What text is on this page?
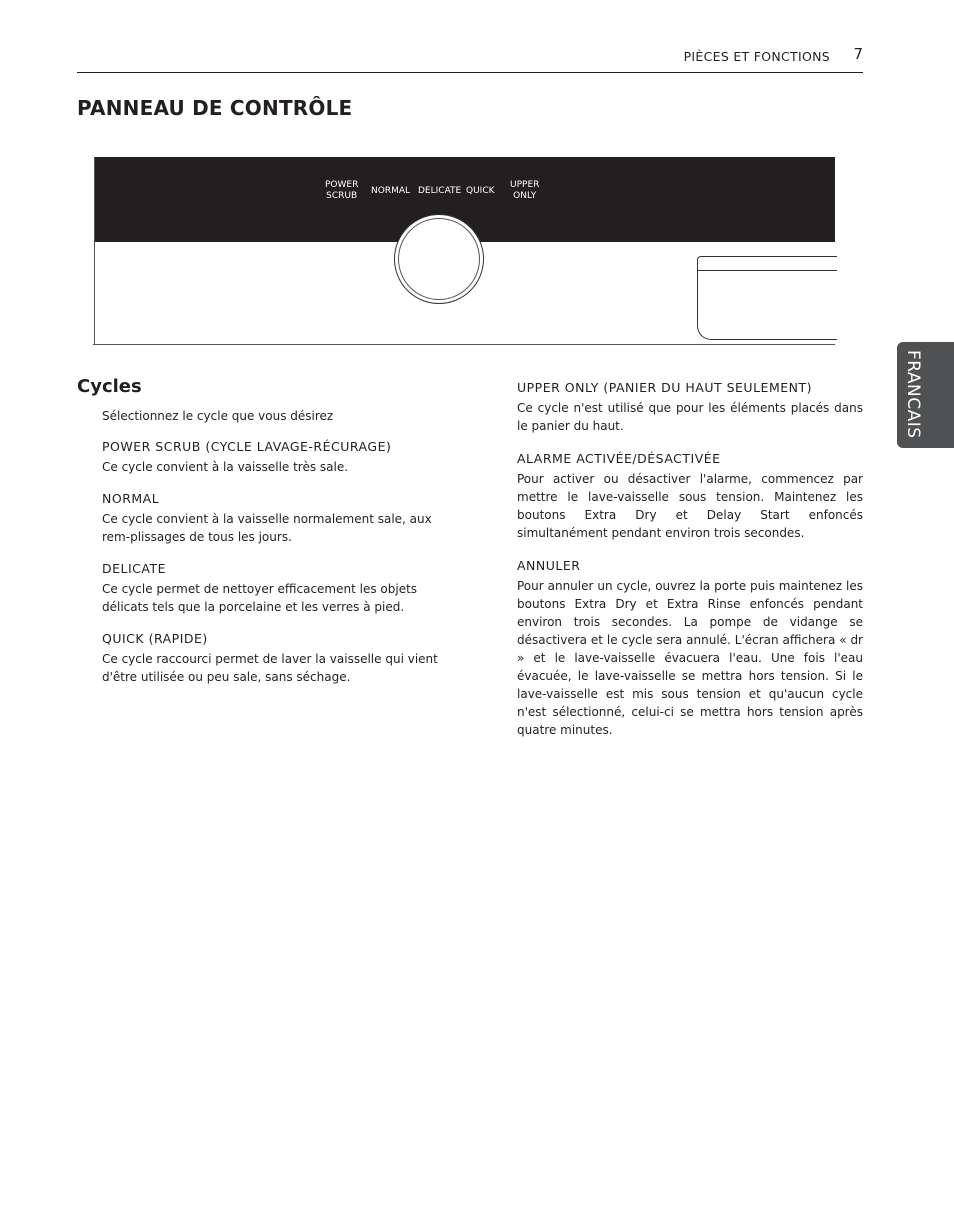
PIÈCES ET FONCTIONS 7
PANNEAU DE CONTRÔLE
POWER
SCRUB NORMAL DELICATE QUICK
UPPER
ONLY
FRANCAIS
Cycles

Sélectionnez le cycle que vous désirez

POWER SCRUB (CYCLE LAVAGE-RÉCURAGE)

Ce cycle convient à la vaisselle très sale.

NORMAL

Ce cycle convient à la vaisselle normalement sale, aux rem-plissages de tous les jours.

DELICATE

Ce cycle permet de nettoyer efficacement les objets délicats tels que la porcelaine et les verres à pied.

QUICK (RAPIDE)

Ce cycle raccourci permet de laver la vaisselle qui vient d'être utilisée ou peu sale, sans séchage.

UPPER ONLY (PANIER DU HAUT SEULEMENT)

Ce cycle n'est utilisé que pour les éléments placés dans le panier du haut.

ALARME ACTIVÉE/DÉSACTIVÉE

Pour activer ou désactiver l'alarme, commencez par mettre le lave-vaisselle sous tension. Maintenez les boutons Extra Dry et Delay Start enfoncés simultanément pendant environ trois secondes.

ANNULER

Pour annuler un cycle, ouvrez la porte puis maintenez les boutons Extra Dry et Extra Rinse enfoncés pendant environ trois secondes. La pompe de vidange se désactivera et le cycle sera annulé. L'écran affichera « dr » et le lave-vaisselle évacuera l'eau. Une fois l'eau évacuée, le lave-vaisselle se mettra hors tension. Si le lave-vaisselle est mis sous tension et qu'aucun cycle n'est sélectionné, celui-ci se mettra hors tension après quatre minutes.
